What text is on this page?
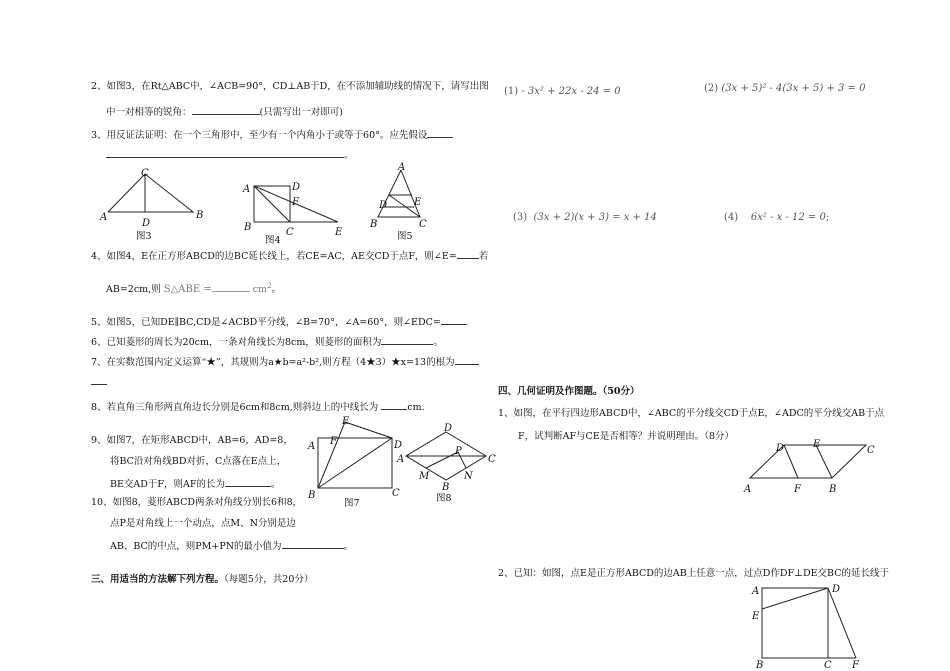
2、如图3，在Rt△ABC中，∠ACB=90°，CD⊥AB于D，在不添加辅助线的情况下，请写出图
中一对相等的锐角：	(只需写出一对即可)
3、用反证法证明：在一个三角形中，至少有一个内角小于或等于60°。应先假设
。
C
A
D
B
图3
A	D
F
B	C	E
图4
A
D	E
B	C
图5
4、如图4，E在正方形ABCD的边BC延长线上，若CE=AC，AE交CD于点F，则∠E= 若
AB=2cm,则 S△ABE =	$cm^2$。
5、如图5，已知DE∥BC,CD是∠ACBD平分线，∠B=70°，∠A=60°，则∠EDC=
6、已知菱形的周长为20cm，一条对角线长为8cm，则菱形的面积为	。
7、在实数范围内定义运算“★”，其规则为a★b=a²-b²,则方程（4★3）★x=13的根为
8、若直角三角形两直角边长分别是6cm和8cm,则斜边上的中线长为	cm.
9、如图7，在矩形ABCD中，AB=6，AD=8，
将BC沿对角线BD对折，C点落在E点上，
BE交AD于F，则AF的长为	。
10、如图8，菱形ABCD两条对角线分别长6和8，
点P是对角线上一个动点，点M、N分别是边
AB、BC的中点，则PM+PN的最小值为	。
E
A F	D
B	C
图7
D
A
P
C
M	N
B
图8
三、用适当的方法解下列方程。（每题5分，共20分）
(1) - 3x² + 22x - 24 = 0	(2) (3x + 5)² - 4(3x + 5) + 3 = 0
(3) (3x + 2)(x + 3) = x + 14	(4) 6x² - x - 12 = 0;
四、几何证明及作图题。（50分）
1、如图，在平行四边形ABCD中，∠ABC的平分线交CD于点E，∠ADC的平分线交AB于点
F，试判断AF与CE是否相等？并说明理由。（8分）
D	E
C
A	F	B
2、已知：如图，点E是正方形ABCD的边AB上任意一点，过点D作DF⊥DE交BC的延长线于
A	D
E
B	C F
